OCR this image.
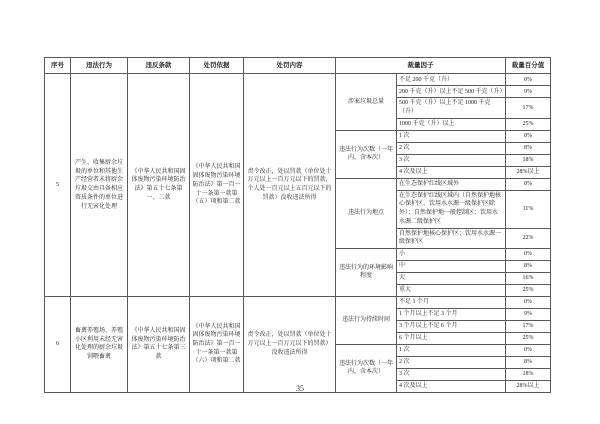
序号	违法行为	违反条款	处罚依据	处罚内容	裁量因子		裁量百分值
5	产生、收集厨余垃圾的单位和其他生产经营者未将厨余垃圾交由具备相应资质条件的单位进行无害化处理	《中华人民共和国固体废物污染环境防治法》第五十七条第一、二款	《中华人民共和国固体废物污染环境防治法》第一百一十一条第一款第（五）项和第二款	责令改正，处以罚款（单位处十万元以上一百万元以下的罚款，个人处一百元以上五百元以下的罚款）没收违法所得	涉案垃圾总量	不足 200 千克（升）	0%
						200 千克（升）以上不足 500 千克（升）	9%
						500 千克（升）以上不足 1000 千克（升）	17%
						1000 千克（升）以上	25%
					违法行为次数（一年内，含本次）	1 次	0%
						2 次	8%
						3 次	18%
						4 次及以上	28%以上
					违法行为地点	在生态保护红线区域外	0%
						在生态保护红线区域内（自然保护地核心保护区、饮用水水源一级保护区除外）；自然保护地一般控制区；饮用水水源二级保护区	11%
						自然保护地核心保护区；饮用水水源一级保护区	22%
					违法行为的环境影响程度	小	0%
						中	8%
						大	16%
						重大	25%
6	畜禽养殖场、养殖小区利用未经无害化处理的厨余垃圾饲喂畜禽	《中华人民共和国固体废物污染环境防治法》第五十七条第三款	《中华人民共和国固体废物污染环境防治法》第一百一十一条第一款第（六）项和第二款	责令改正，处以罚款（单位处十万元以上一百万元以下的罚款）没收违法所得	违法行为持续时间	不足 1 个月	0%
						1 个月以上不足 3 个月	9%
						3 个月以上不足 6 个月	17%
						6 个月以上	25%
					违法行为次数（一年内，含本次）	1 次	0%
						2 次	8%
						3 次	18%
						4 次及以上	28%以上
35
